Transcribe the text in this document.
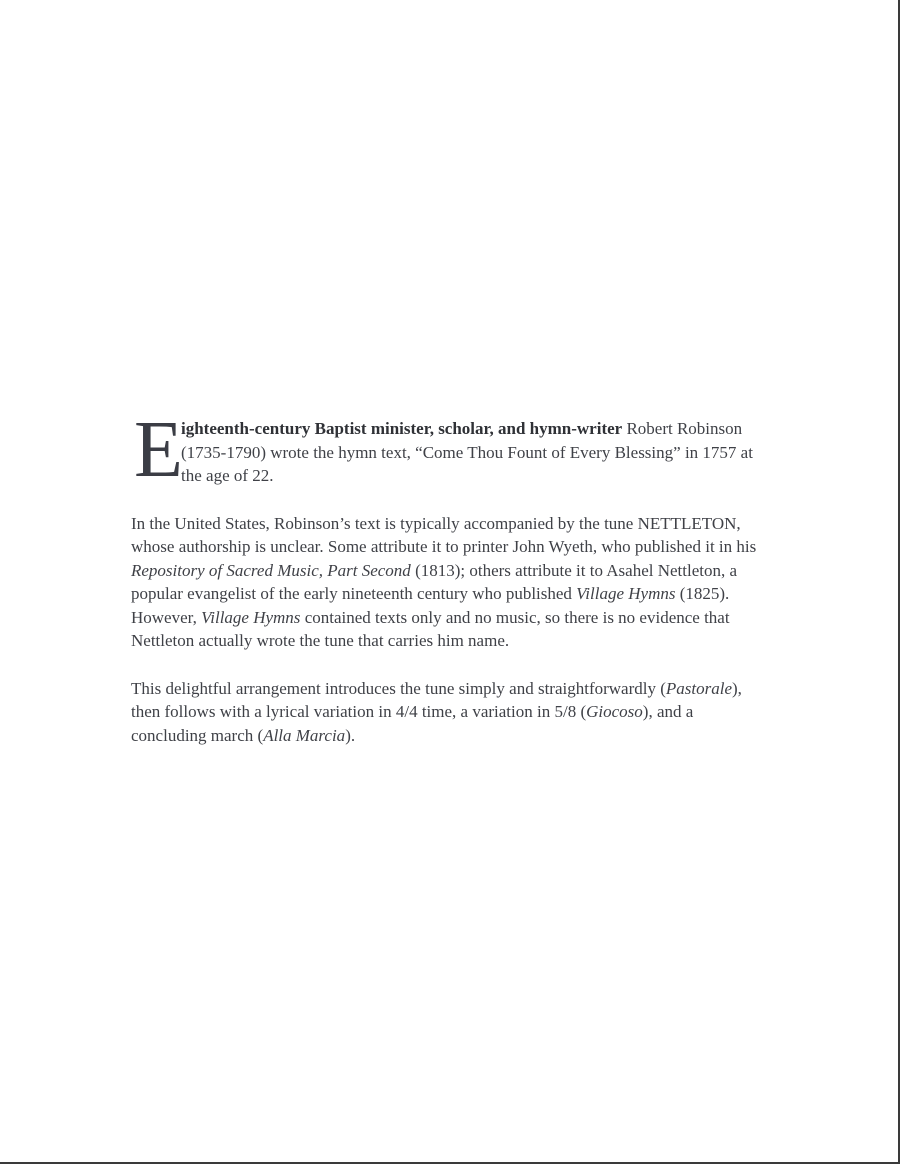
E
ighteenth-century Baptist minister, scholar, and hymn-writer Robert Robinson (1735-1790) wrote the hymn text, “Come Thou Fount of Every Blessing” in 1757 at the age of 22.

In the United States, Robinson’s text is typically accompanied by the tune NETTLETON, whose authorship is unclear. Some attribute it to printer John Wyeth, who published it in his Repository of Sacred Music, Part Second (1813); others attribute it to Asahel Nettleton, a popular evangelist of the early nineteenth century who published Village Hymns (1825). However, Village Hymns contained texts only and no music, so there is no evidence that Nettleton actually wrote the tune that carries him name.

This delightful arrangement introduces the tune simply and straightforwardly (Pastorale), then follows with a lyrical variation in 4/4 time, a variation in 5/8 (Giocoso), and a concluding march (Alla Marcia).
